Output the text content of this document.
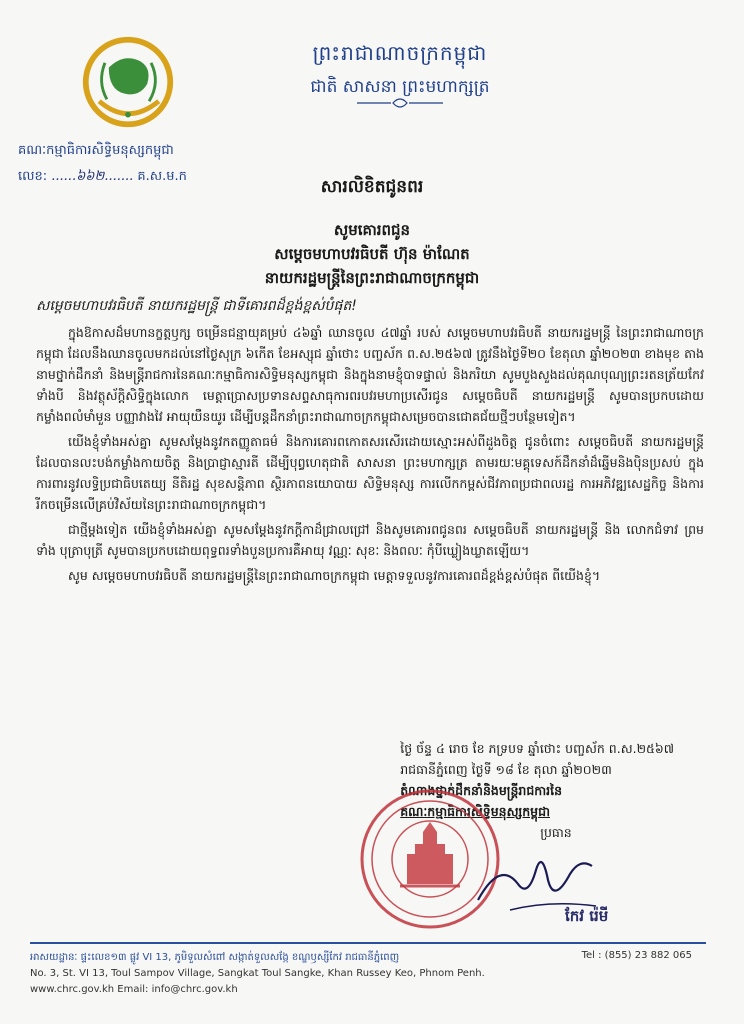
គណៈកម្មាធិការសិទ្ធិមនុស្សកម្ពុជា
លេខ: ......៦៦២....... គ.ស.ម.ក
ព្រះរាជាណាចក្រកម្ពុជា
ជាតិ សាសនា ព្រះមហាក្សត្រ
សារលិខិតជូនពរ
សូមគោរពជូន
សម្តេចមហាបវរធិបតី ហ៊ុន ម៉ាណែត
នាយករដ្ឋមន្ត្រីនៃព្រះរាជាណាចក្រកម្ពុជា
សម្តេចមហាបវរធិបតី នាយករដ្ឋមន្ត្រី ជាទីគោរពដ៏ខ្ពង់ខ្ពស់បំផុត!

ក្នុងឱកាសដ៏មហានក្ខត្តឫក្ស ចម្រើនជន្មាយុគម្រប់ ៤៦ឆ្នាំ ឈានចូល ៤៧ឆ្នាំ របស់ សម្តេចមហាបវរធិបតី នាយករដ្ឋមន្ត្រី នៃព្រះរាជាណាចក្រកម្ពុជា ដែលនឹងឈានចូលមកដល់នៅថ្ងៃសុក្រ ៦កើត ខែអស្សុជ ឆ្នាំថោះ បញ្ចស័ក ព.ស.២៥៦៧ ត្រូវនឹងថ្ងៃទី២០ ខែតុលា ឆ្នាំ២០២៣ ខាងមុខ តាងនាមថ្នាក់ដឹកនាំ និងមន្ត្រីរាជការនៃគណៈកម្មាធិការសិទ្ធិមនុស្សកម្ពុជា និងក្នុងនាមខ្ញុំបាទផ្ទាល់ និងភរិយា សូមបួងសួងដល់គុណបុណ្យព្រះរតនត្រ័យកែវទាំងបី និងវត្ថុស័ក្តិសិទ្ធិក្នុងលោក មេត្តាប្រោសប្រទានសព្ទសាធុការពរបវរមហាប្រសើរជូន សម្តេចធិបតី នាយករដ្ឋមន្ត្រី សូមបានប្រកបដោយកម្លាំងពលំមាំមួន បញ្ញាវាងវៃ អាយុយឺនយូរ ដើម្បីបន្តដឹកនាំព្រះរាជាណាចក្រកម្ពុជាសម្រេចបានជោគជ័យថ្មីៗបន្ថែមទៀត។

យើងខ្ញុំទាំងអស់គ្នា សូមសម្តែងនូវកតញ្ញូតាធម៌ និងការគោរពកោតសរសើរដោយស្មោះអស់ពីដួងចិត្ត ជូនចំពោះ សម្តេចធិបតី នាយករដ្ឋមន្ត្រី ដែលបានលះបង់កម្លាំងកាយចិត្ត និងប្រាជ្ញាស្មារតី ដើម្បីបុព្វហេតុជាតិ សាសនា ព្រះមហាក្សត្រ តាមរយៈមគ្គុទេសក៍ដឹកនាំដ៏ឆ្នើមនិងប៉ិនប្រសប់ ក្នុងការពារនូវលទ្ធិប្រជាធិបតេយ្យ នីតិរដ្ឋ សុខសន្តិភាព ស្ថិរភាពនយោបាយ សិទ្ធិមនុស្ស ការលើកកម្ពស់ជីវភាពប្រជាពលរដ្ឋ ការអភិវឌ្ឍសេដ្ឋកិច្ច និងការរីកចម្រើនលើគ្រប់វិស័យនៃព្រះរាជាណាចក្រកម្ពុជា។

ជាថ្មីម្តងទៀត យើងខ្ញុំទាំងអស់គ្នា សូមសម្តែងនូវកក្តីកាដ៏ជ្រាលជ្រៅ និងសូមគោរពជូនពរ សម្តេចធិបតី នាយករដ្ឋមន្ត្រី និង លោកជំទាវ ព្រមទាំង បុត្រាបុត្រី សូមបានប្រកបដោយពុទ្ធពរទាំងបួនប្រការគឺអាយុ វណ្ណៈ សុខៈ និងពលៈ កុំបីឃ្លៀងឃ្លាតឡើយ។

សូម សម្តេចមហាបវរធិបតី នាយករដ្ឋមន្ត្រីនៃព្រះរាជាណាចក្រកម្ពុជា មេត្តាទទួលនូវការគោរពដ៏ខ្ពង់ខ្ពស់បំផុត ពីយើងខ្ញុំ។

ថ្ងៃ ច័ន្ទ ៤ រោច ខែ ភទ្របទ ឆ្នាំថោះ បញ្ចស័ក ព.ស.២៥៦៧
រាជធានីភ្នំពេញ ថ្ងៃទី ១៨ ខែ តុលា ឆ្នាំ២០២៣
តំណាងថ្នាក់ដឹកនាំនិងមន្ត្រីរាជការនៃ
គណៈកម្មាធិការសិទ្ធិមនុស្សកម្ពុជា
ប្រធាន
កែវ រ៉េមី
អាសយដ្ឋានៈ ផ្ទះលេខ១៣ ផ្លូវ VI 13, ភូមិទួលសំពៅ សង្កាត់ទួលសង្កែ ខណ្ឌឫស្សីកែវ រាជធានីភ្នំពេញ
No. 3, St. VI 13, Toul Sampov Village, Sangkat Toul Sangke, Khan Russey Keo, Phnom Penh.
www.chrc.gov.kh Email: info@chrc.gov.kh
Tel : (855) 23 882 065
